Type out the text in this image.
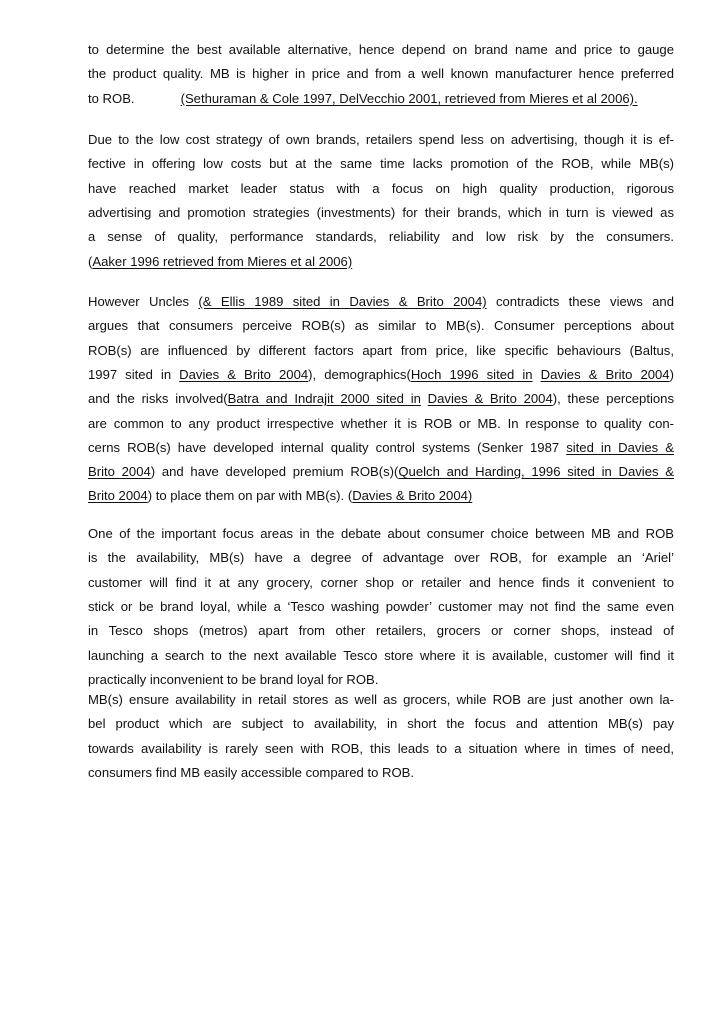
to determine the best available alternative, hence depend on brand name and price to gauge
the product quality. MB is higher in price and from a well known manufacturer hence preferred
to ROB.	(Sethuraman & Cole 1997, DelVecchio 2001, retrieved from Mieres et al 2006).
Due to the low cost strategy of own brands, retailers spend less on advertising, though it is ef-
fective in offering low costs but at the same time lacks promotion of the ROB, while MB(s)
have reached market leader status with a focus on high quality production, rigorous
advertising and promotion strategies (investments) for their brands, which in turn is viewed as
a sense of quality, performance standards, reliability and low risk by the consumers.
(Aaker 1996 retrieved from Mieres et al 2006)
However Uncles (& Ellis 1989 sited in Davies & Brito 2004) contradicts these views and
argues that consumers perceive ROB(s) as similar to MB(s). Consumer perceptions about
ROB(s) are influenced by different factors apart from price, like specific behaviours (Baltus,
1997 sited in Davies & Brito 2004), demographics(Hoch 1996 sited in Davies & Brito 2004)
and the risks involved(Batra and Indrajit 2000 sited in Davies & Brito 2004), these perceptions
are common to any product irrespective whether it is ROB or MB. In response to quality con-
cerns ROB(s) have developed internal quality control systems (Senker 1987 sited in Davies &
Brito 2004) and have developed premium ROB(s)(Quelch and Harding, 1996 sited in Davies &
Brito 2004) to place them on par with MB(s). (Davies & Brito 2004)
One of the important focus areas in the debate about consumer choice between MB and ROB
is the availability, MB(s) have a degree of advantage over ROB, for example an ‘Ariel’
customer will find it at any grocery, corner shop or retailer and hence finds it convenient to
stick or be brand loyal, while a ‘Tesco washing powder’ customer may not find the same even
in Tesco shops (metros) apart from other retailers, grocers or corner shops, instead of
launching a search to the next available Tesco store where it is available, customer will find it
practically inconvenient to be brand loyal for ROB.
MB(s) ensure availability in retail stores as well as grocers, while ROB are just another own la-
bel product which are subject to availability, in short the focus and attention MB(s) pay
towards availability is rarely seen with ROB, this leads to a situation where in times of need,
consumers find MB easily accessible compared to ROB.
